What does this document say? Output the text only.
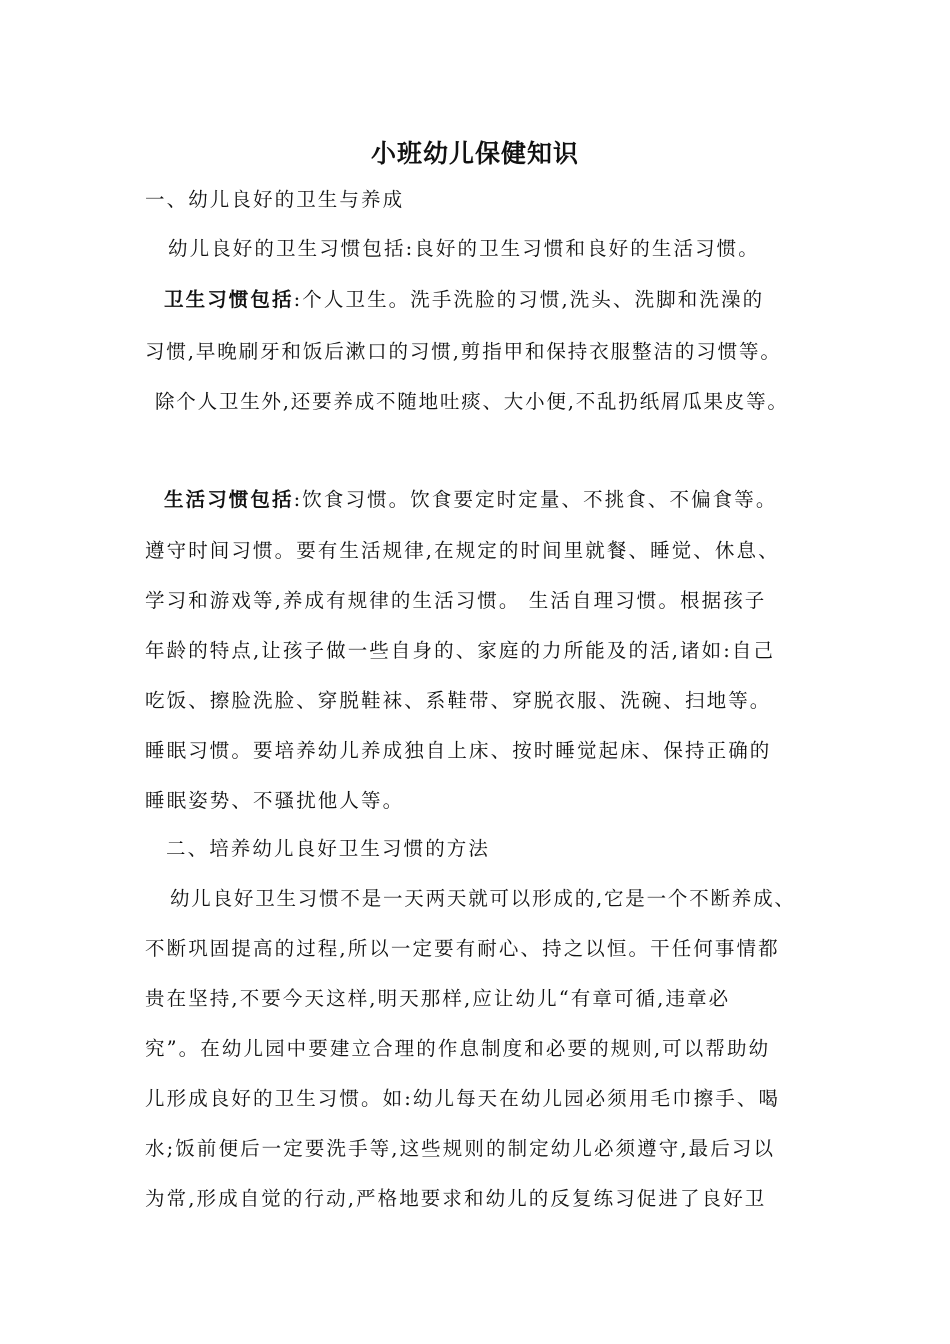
小班幼儿保健知识

一、幼儿良好的卫生与养成

幼儿良好的卫生习惯包括:良好的卫生习惯和良好的生活习惯。

卫生习惯包括:个人卫生。洗手洗脸的习惯,洗头、洗脚和洗澡的

习惯,早晚刷牙和饭后漱口的习惯,剪指甲和保持衣服整洁的习惯等。

除个人卫生外,还要养成不随地吐痰、大小便,不乱扔纸屑瓜果皮等。

生活习惯包括:饮食习惯。饮食要定时定量、不挑食、不偏食等。

遵守时间习惯。要有生活规律,在规定的时间里就餐、睡觉、休息、

学习和游戏等,养成有规律的生活习惯。 生活自理习惯。根据孩子

年龄的特点,让孩子做一些自身的、家庭的力所能及的活,诸如:自己

吃饭、擦脸洗脸、穿脱鞋袜、系鞋带、穿脱衣服、洗碗、扫地等。

睡眠习惯。要培养幼儿养成独自上床、按时睡觉起床、保持正确的

睡眠姿势、不骚扰他人等。

二、培养幼儿良好卫生习惯的方法

幼儿良好卫生习惯不是一天两天就可以形成的,它是一个不断养成、

不断巩固提高的过程,所以一定要有耐心、持之以恒。干任何事情都

贵在坚持,不要今天这样,明天那样,应让幼儿“有章可循,违章必

究”。在幼儿园中要建立合理的作息制度和必要的规则,可以帮助幼

儿形成良好的卫生习惯。如:幼儿每天在幼儿园必须用毛巾擦手、喝

水;饭前便后一定要洗手等,这些规则的制定幼儿必须遵守,最后习以

为常,形成自觉的行动,严格地要求和幼儿的反复练习促进了良好卫
